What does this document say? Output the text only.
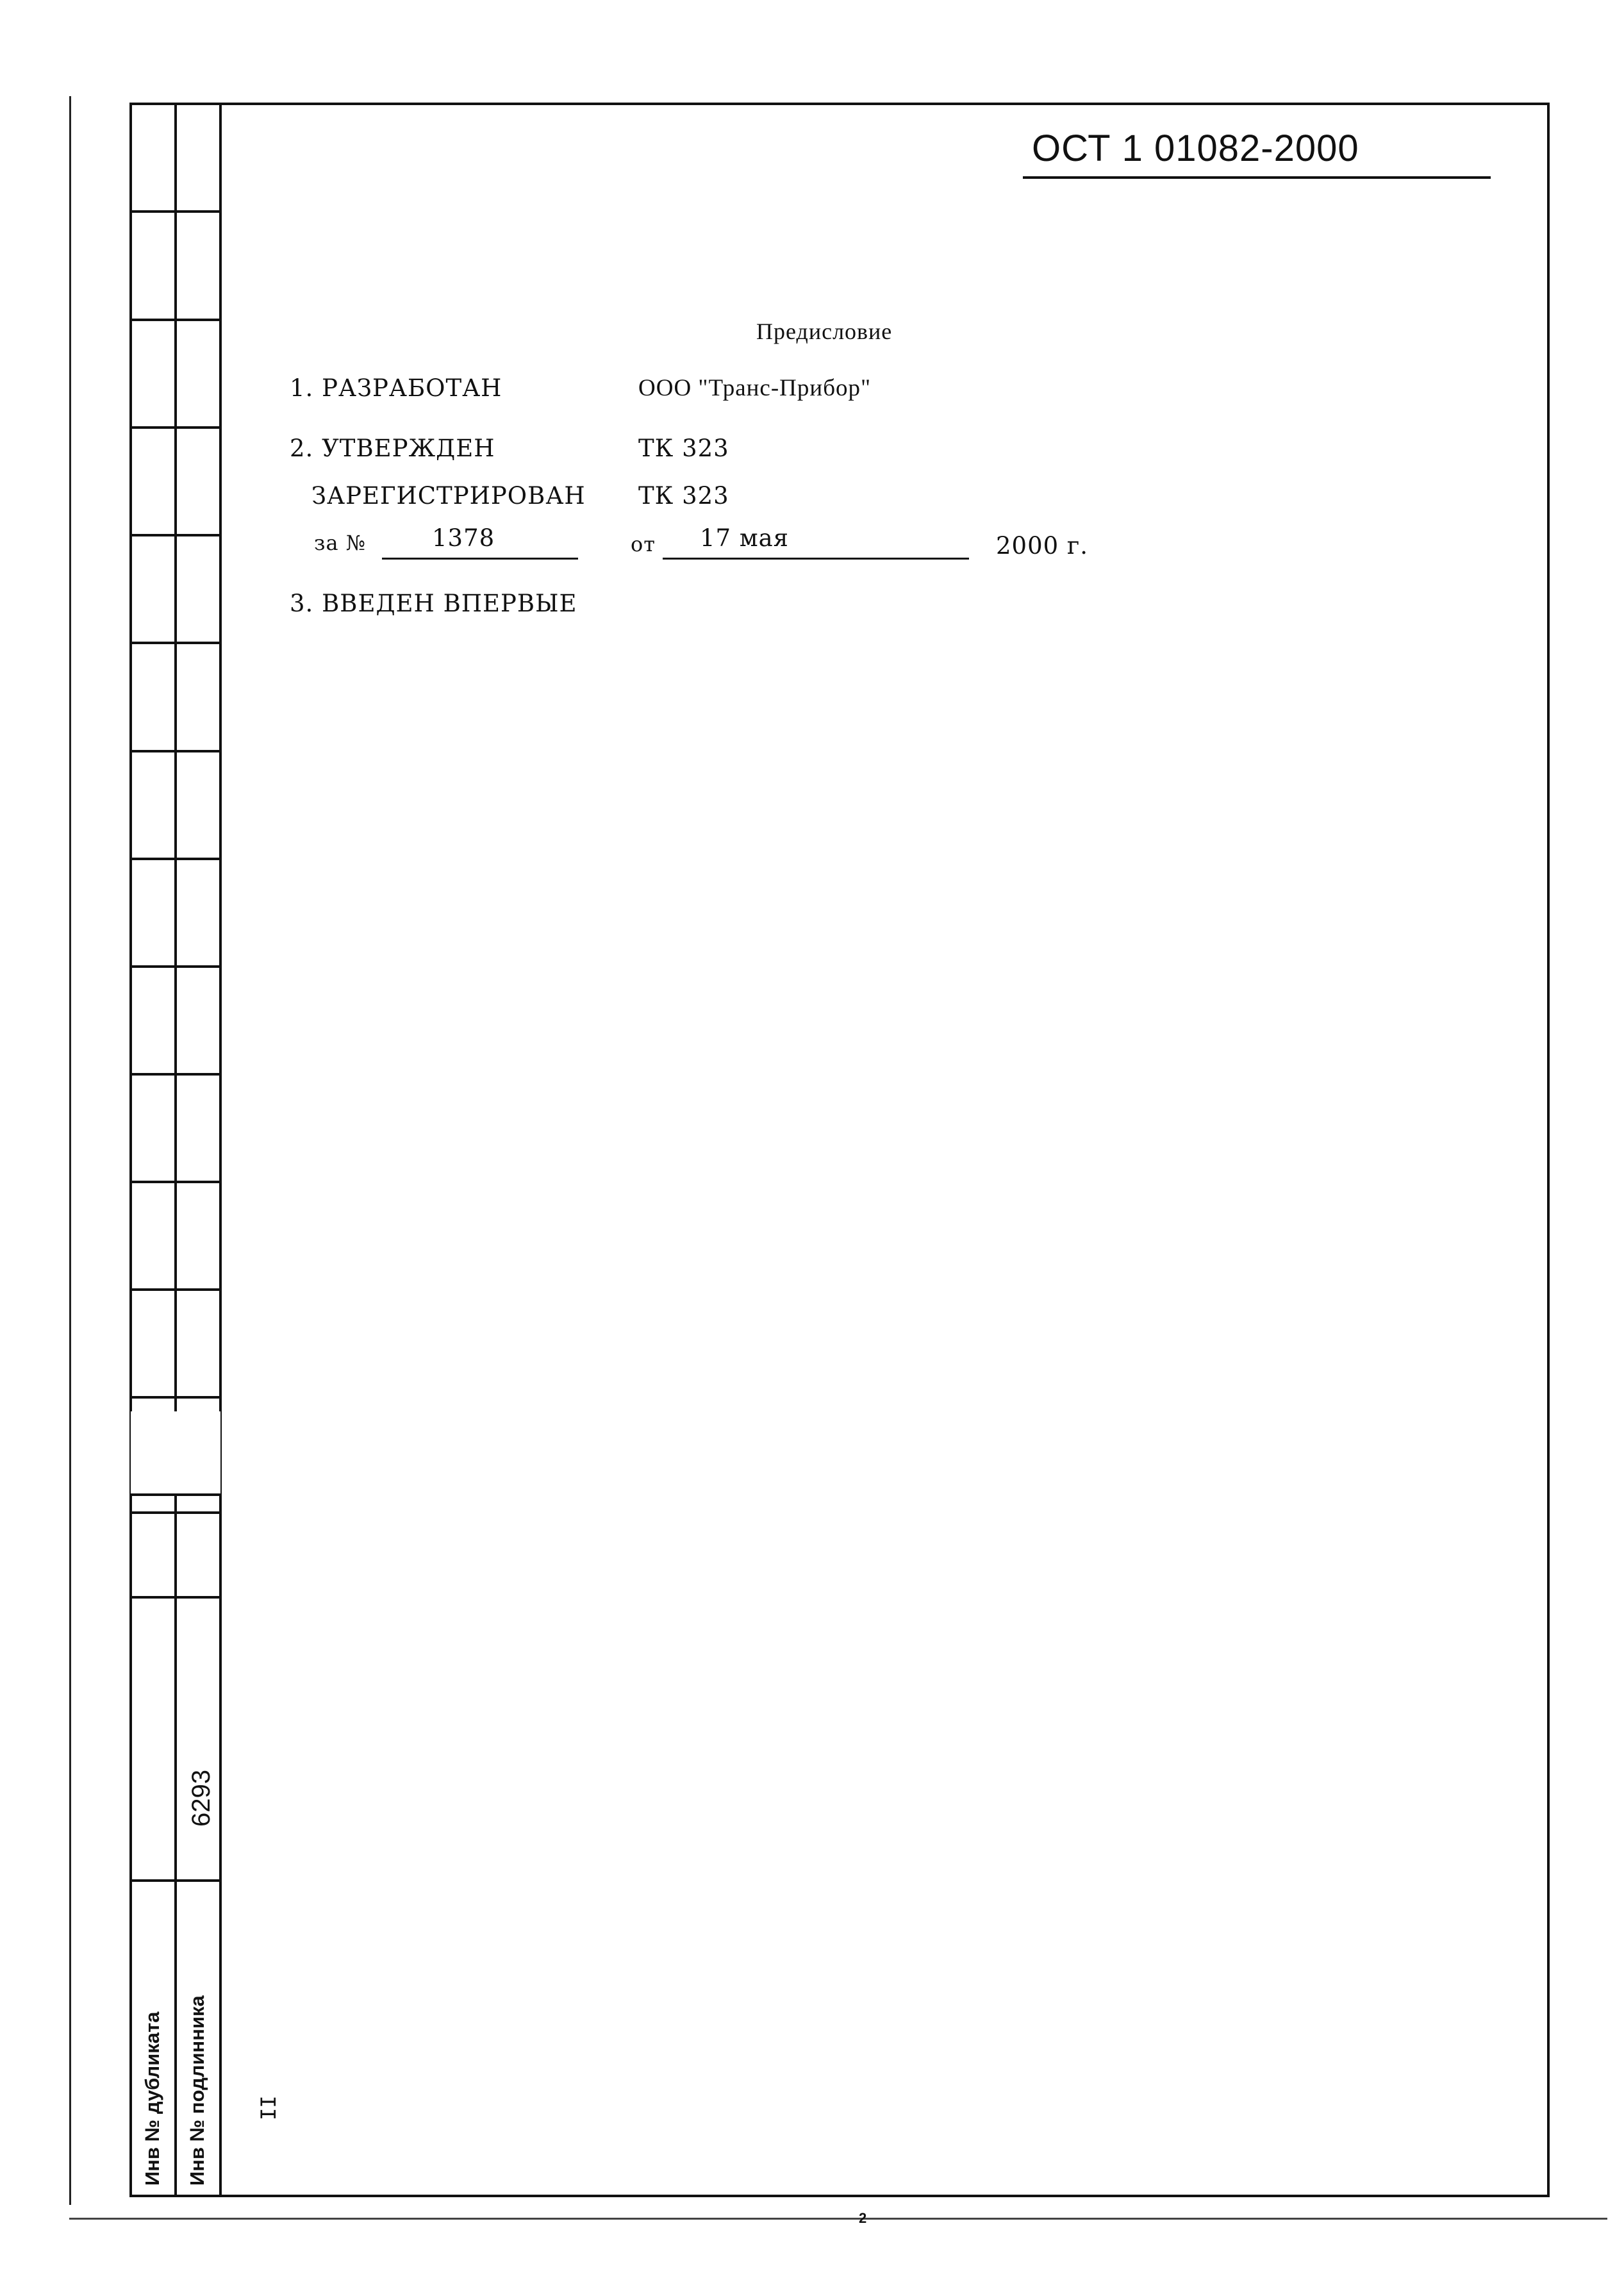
6293
Инв № дубликата Инв № подлинника
ОСТ 1 01082-2000
Предисловие
1. РАЗРАБОТАН	ООО "Транс-Прибор"
2. УТВЕРЖДЕН	ТК 323
ЗАРЕГИСТРИРОВАН ТК 323
за №	1378	от 17 мая	2000 г.
3. ВВЕДЕН ВПЕРВЫЕ
II
2
